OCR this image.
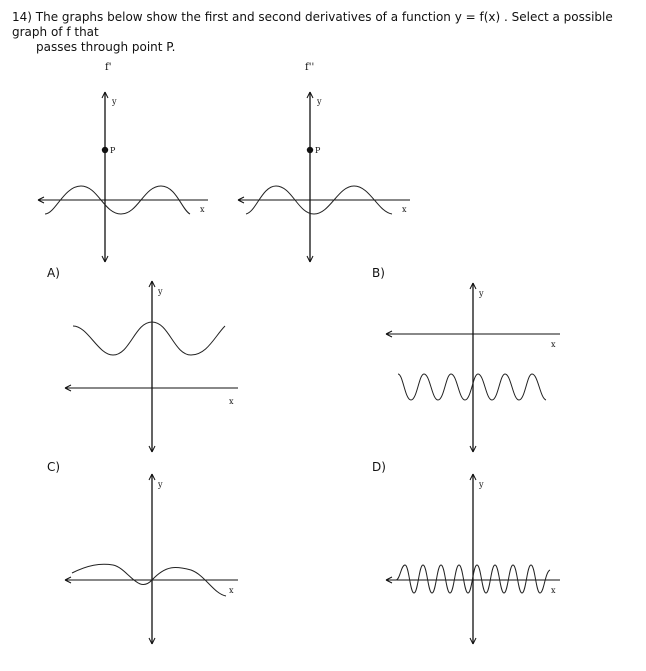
14) The graphs below show the first and second derivatives of a function y = f(x) . Select a possible graph of f that
passes through point P.
f'
P
y
x
f''
P
y
x
A)
y
x
B)
y
x
C)
y
x
D)
y
x
